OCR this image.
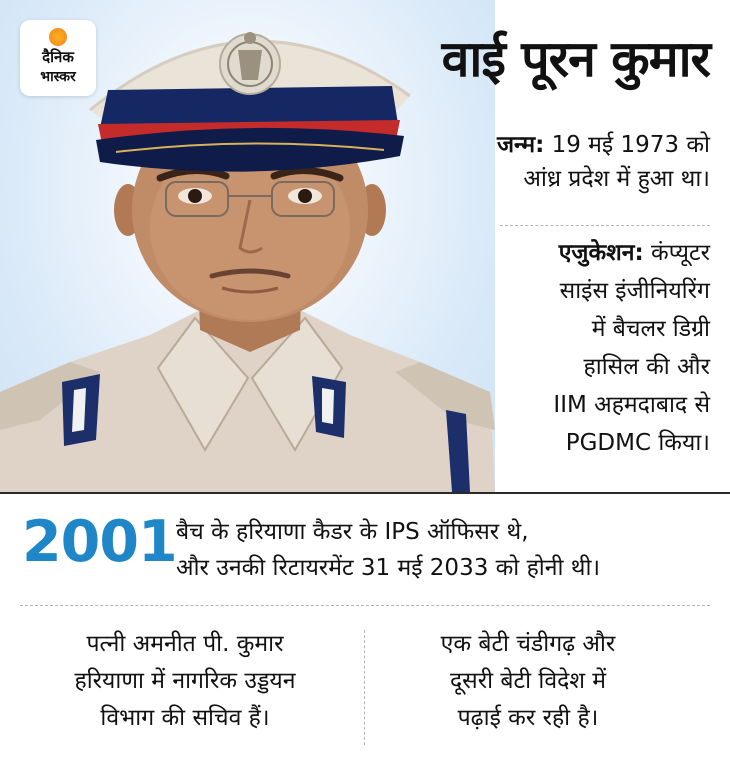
दैनिक
भास्कर	वाई पूरन कुमार
जन्म: 19 मई 1973 को
आंध्र प्रदेश में हुआ था।
एजुकेशन: कंप्यूटर
साइंस इंजीनियरिंग
में बैचलर डिग्री
हासिल की और
IIM अहमदाबाद से
PGDMC किया।
2001 बैच के हरियाणा कैडर के IPS ऑफिसर थे,
और उनकी रिटायरमेंट 31 मई 2033 को होनी थी।
पत्नी अमनीत पी. कुमार
हरियाणा में नागरिक उड्डयन
विभाग की सचिव हैं।
एक बेटी चंडीगढ़ और
दूसरी बेटी विदेश में
पढ़ाई कर रही है।
